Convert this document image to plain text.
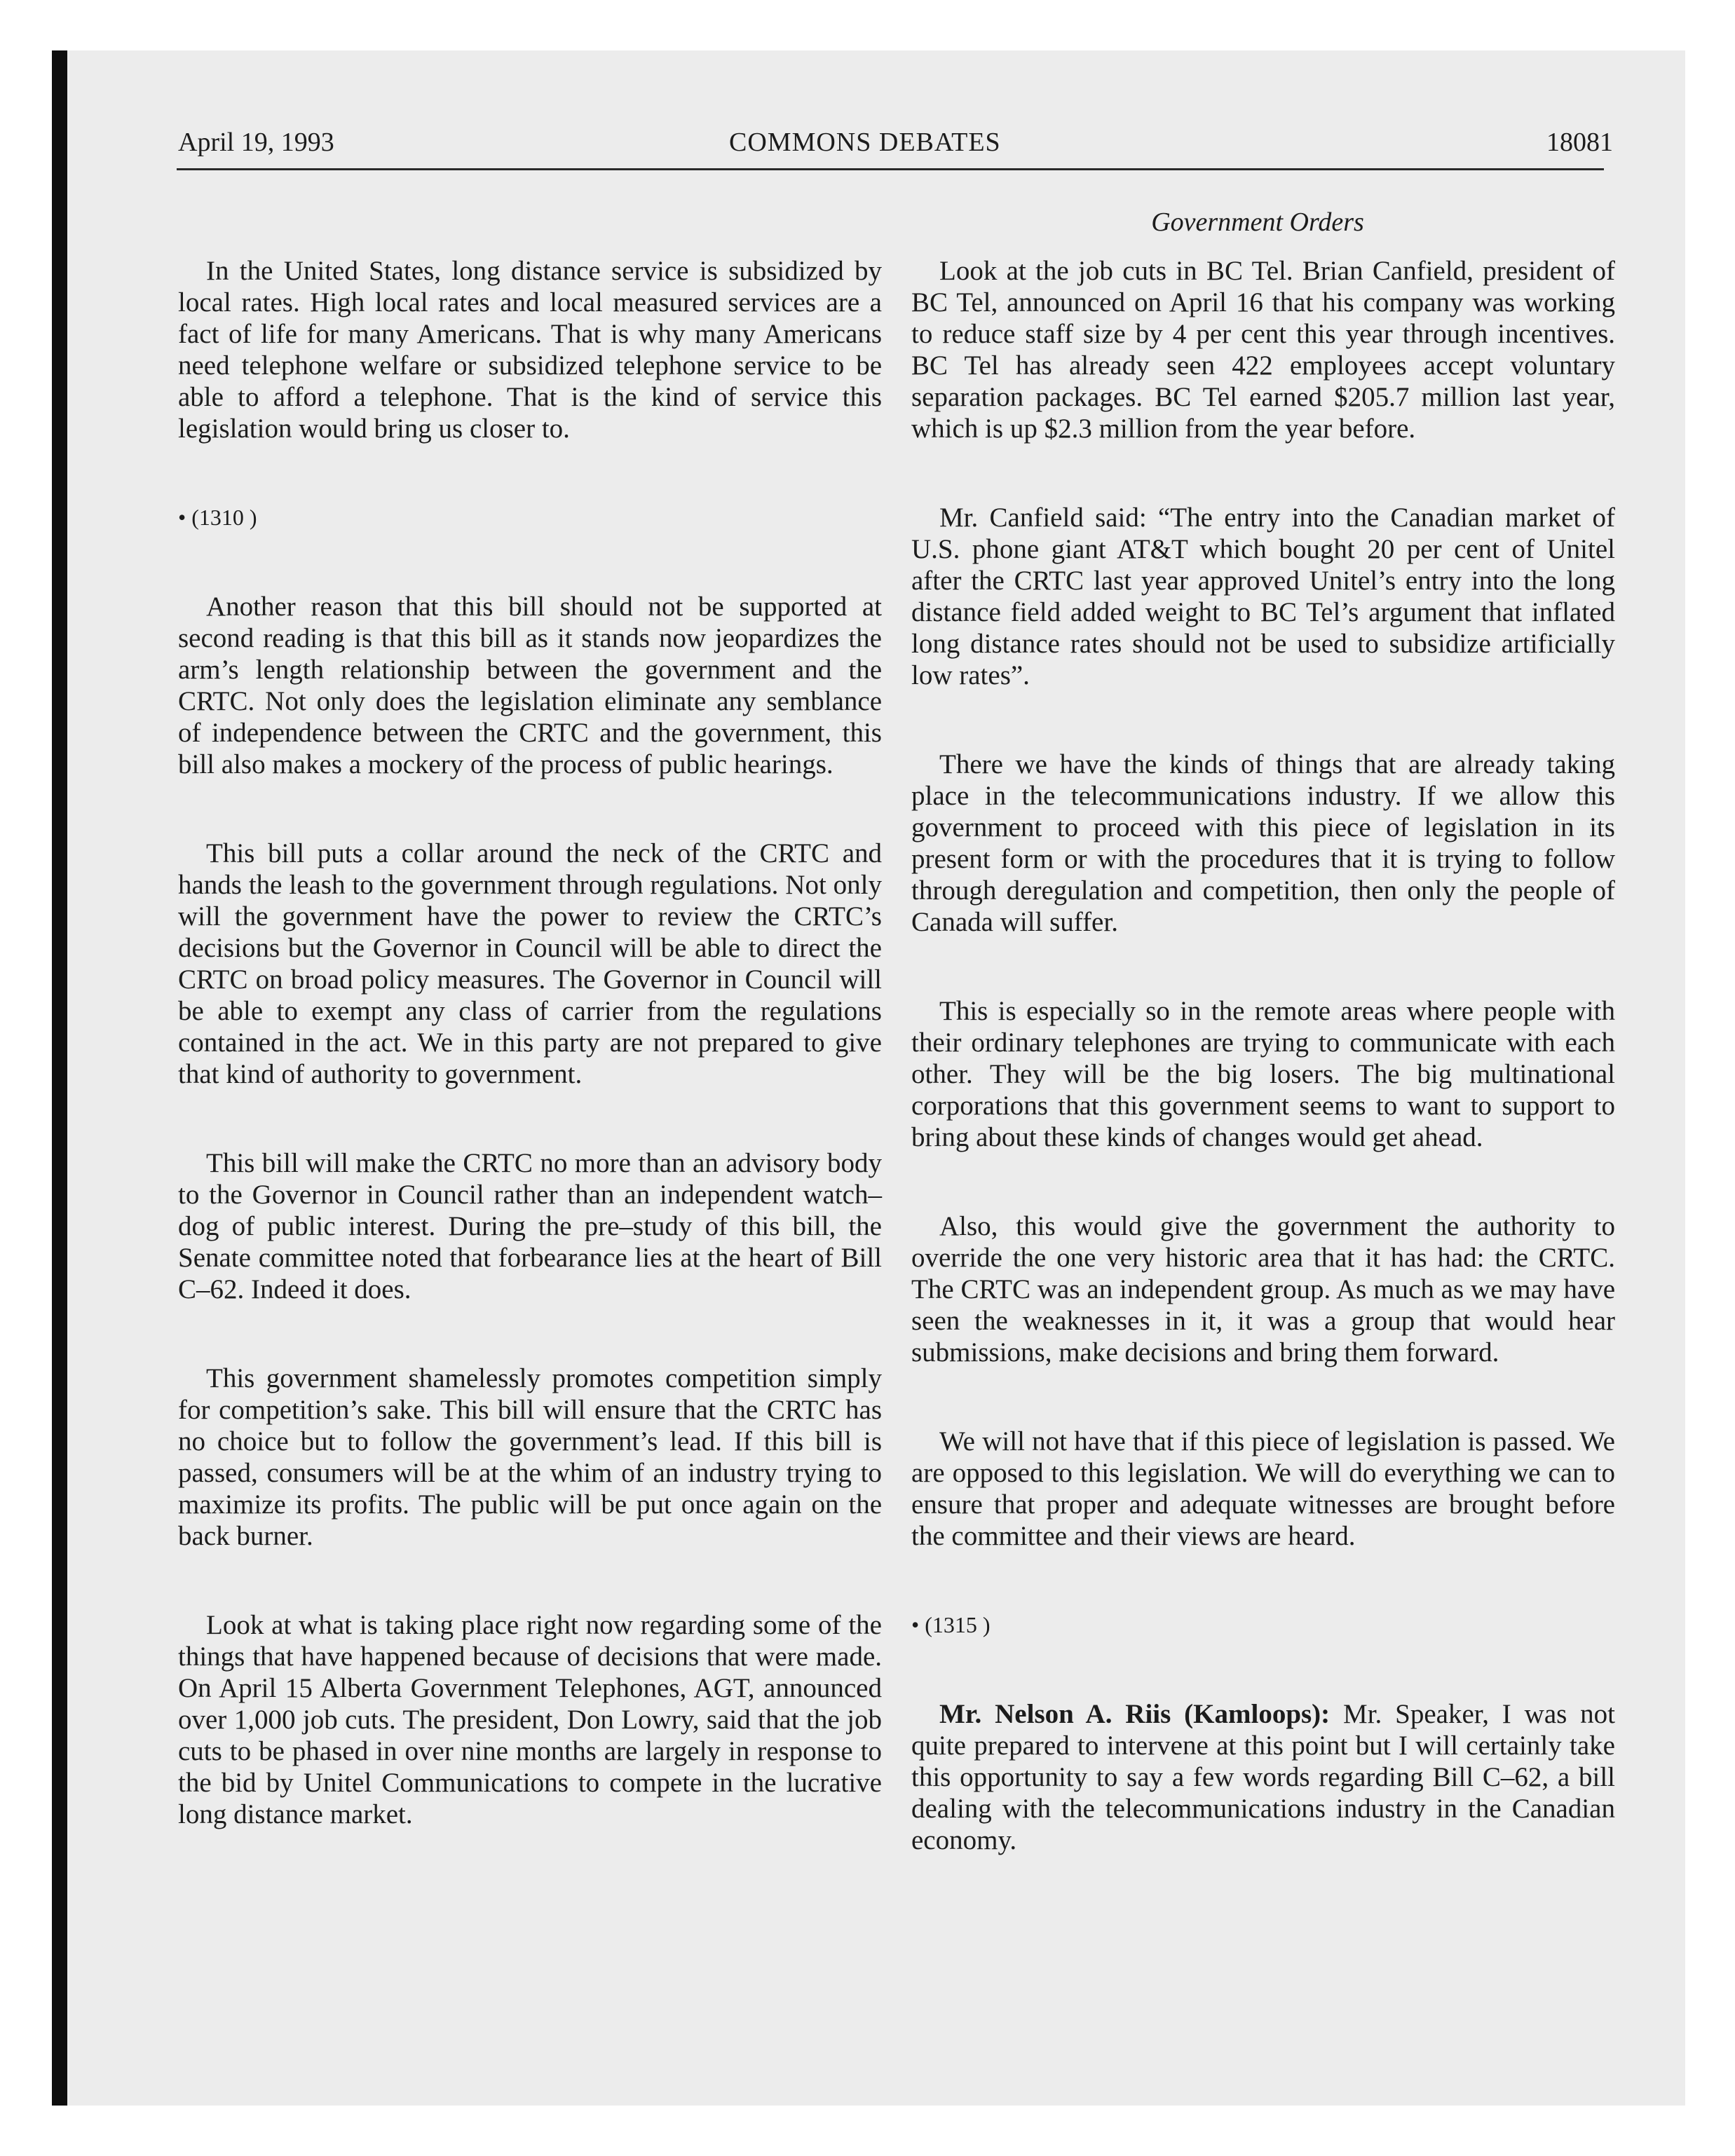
April 19, 1993	COMMONS DEBATES	18081
Government Orders

In the United States, long distance service is subsidized by local rates. High local rates and local measured services are a fact of life for many Americans. That is why many Americans need telephone welfare or subsidized telephone service to be able to afford a telephone. That is the kind of service this legislation would bring us closer to.

• (1310 )

Another reason that this bill should not be supported at second reading is that this bill as it stands now jeopardizes the arm’s length relationship between the government and the CRTC. Not only does the legislation eliminate any semblance of independence between the CRTC and the government, this bill also makes a mockery of the process of public hearings.

This bill puts a collar around the neck of the CRTC and hands the leash to the government through regulations. Not only will the government have the power to review the CRTC’s decisions but the Governor in Council will be able to direct the CRTC on broad policy measures. The Governor in Council will be able to exempt any class of carrier from the regulations contained in the act. We in this party are not prepared to give that kind of authority to government.

This bill will make the CRTC no more than an advisory body to the Governor in Council rather than an independent watch–dog of public interest. During the pre–study of this bill, the Senate committee noted that forbearance lies at the heart of Bill C–62. Indeed it does.

This government shamelessly promotes competition simply for competition’s sake. This bill will ensure that the CRTC has no choice but to follow the government’s lead. If this bill is passed, consumers will be at the whim of an industry trying to maximize its profits. The public will be put once again on the back burner.

Look at what is taking place right now regarding some of the things that have happened because of decisions that were made. On April 15 Alberta Government Telephones, AGT, announced over 1,000 job cuts. The president, Don Lowry, said that the job cuts to be phased in over nine months are largely in response to the bid by Unitel Communications to compete in the lucrative long distance market.

Look at the job cuts in BC Tel. Brian Canfield, president of BC Tel, announced on April 16 that his company was working to reduce staff size by 4 per cent this year through incentives. BC Tel has already seen 422 employees accept voluntary separation packages. BC Tel earned $205.7 million last year, which is up $2.3 million from the year before.

Mr. Canfield said: “The entry into the Canadian market of U.S. phone giant AT&T which bought 20 per cent of Unitel after the CRTC last year approved Unitel’s entry into the long distance field added weight to BC Tel’s argument that inflated long distance rates should not be used to subsidize artificially low rates”.

There we have the kinds of things that are already taking place in the telecommunications industry. If we allow this government to proceed with this piece of legislation in its present form or with the procedures that it is trying to follow through deregulation and competition, then only the people of Canada will suffer.

This is especially so in the remote areas where people with their ordinary telephones are trying to communicate with each other. They will be the big losers. The big multinational corporations that this government seems to want to support to bring about these kinds of changes would get ahead.

Also, this would give the government the authority to override the one very historic area that it has had: the CRTC. The CRTC was an independent group. As much as we may have seen the weaknesses in it, it was a group that would hear submissions, make decisions and bring them forward.

We will not have that if this piece of legislation is passed. We are opposed to this legislation. We will do everything we can to ensure that proper and adequate witnesses are brought before the committee and their views are heard.

• (1315 )

Mr. Nelson A. Riis (Kamloops): Mr. Speaker, I was not quite prepared to intervene at this point but I will certainly take this opportunity to say a few words regarding Bill C–62, a bill dealing with the telecommunications industry in the Canadian economy.
